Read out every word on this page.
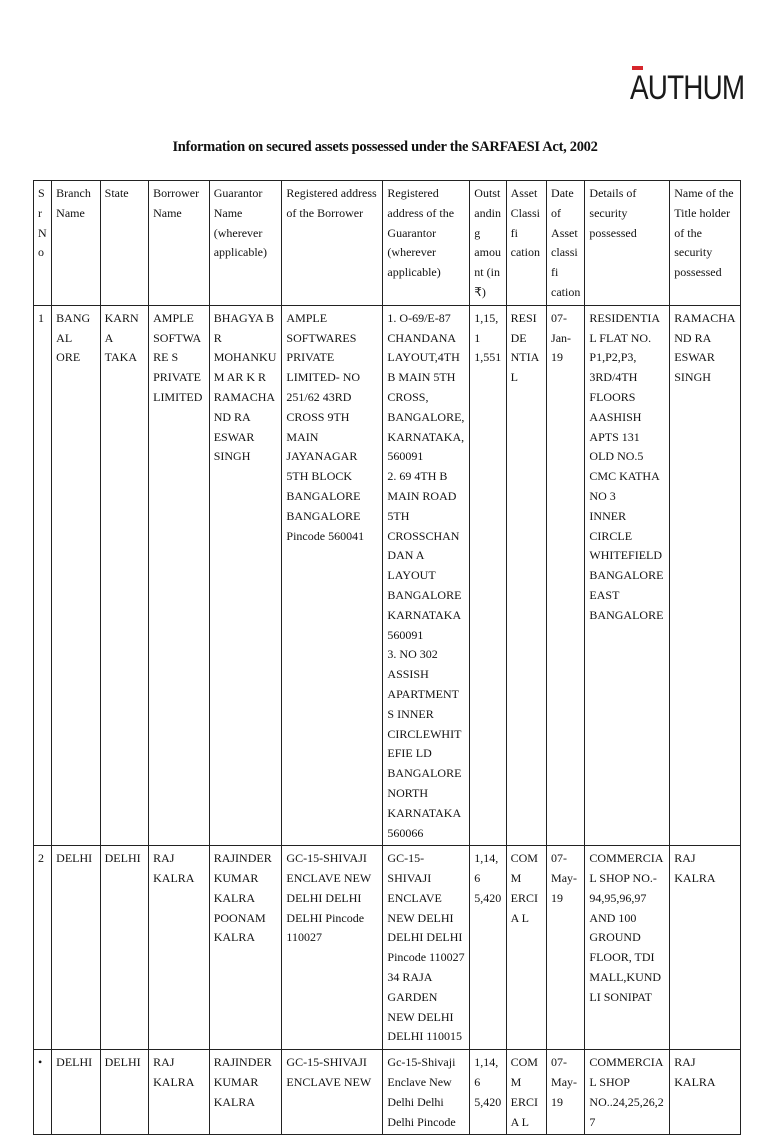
AUTHUM
Information on secured assets possessed under the SARFAESI Act, 2002
S
r
N
o	Branch Name	State	Borrower Name	Guarantor Name (wherever applicable)	Registered address of the Borrower	Registered address of the Guarantor (wherever applicable)	Outst andin g amou nt (in ₹)	Asset Classifi cation	Date of Asset classifi cation	Details of security possessed	Name of the Title holder of the security possessed
1	BANGAL ORE	KARNA TAKA	AMPLE SOFTWARE S PRIVATE LIMITED	BHAGYA B R MOHANKUM AR K R RAMACHAND RA ESWAR SINGH	AMPLE SOFTWARES PRIVATE LIMITED- NO 251/62 43RD CROSS 9TH MAIN JAYANAGAR 5TH BLOCK BANGALORE BANGALORE Pincode 560041	1. O-69/E-87 CHANDANA LAYOUT,4TH B MAIN 5TH CROSS, BANGALORE, KARNATAKA, 560091
2. 69 4TH B MAIN ROAD 5TH CROSSCHANDAN A LAYOUT BANGALORE KARNATAKA 560091
3. NO 302 ASSISH APARTMENTS INNER CIRCLEWHITEFIE LD BANGALORE NORTH KARNATAKA 560066	1,15,1 1,551	RESIDE NTIAL	07-Jan-19	RESIDENTIAL FLAT NO. P1,P2,P3, 3RD/4TH FLOORS AASHISH APTS 131 OLD NO.5 CMC KATHA NO 3
INNER CIRCLE WHITEFIELD BANGALORE EAST BANGALORE	RAMACHAND RA ESWAR SINGH
2	DELHI	DELHI	RAJ KALRA	RAJINDER KUMAR KALRA POONAM KALRA	GC-15-SHIVAJI ENCLAVE NEW DELHI DELHI DELHI Pincode 110027	GC-15-SHIVAJI ENCLAVE NEW DELHI DELHI DELHI Pincode 110027
34 RAJA GARDEN NEW DELHI DELHI 110015	1,14,6 5,420	COMM ERCIA L	07-May-19	COMMERCIAL SHOP NO.- 94,95,96,97 AND 100 GROUND FLOOR, TDI MALL,KUNDLI SONIPAT	RAJ KALRA
•	DELHI	DELHI	RAJ KALRA	RAJINDER KUMAR KALRA	GC-15-SHIVAJI ENCLAVE NEW	Gc-15-Shivaji Enclave New Delhi Delhi Delhi Pincode	1,14,6 5,420	COMM ERCIA L	07-May-19	COMMERCIAL SHOP NO..24,25,26,27	RAJ KALRA
